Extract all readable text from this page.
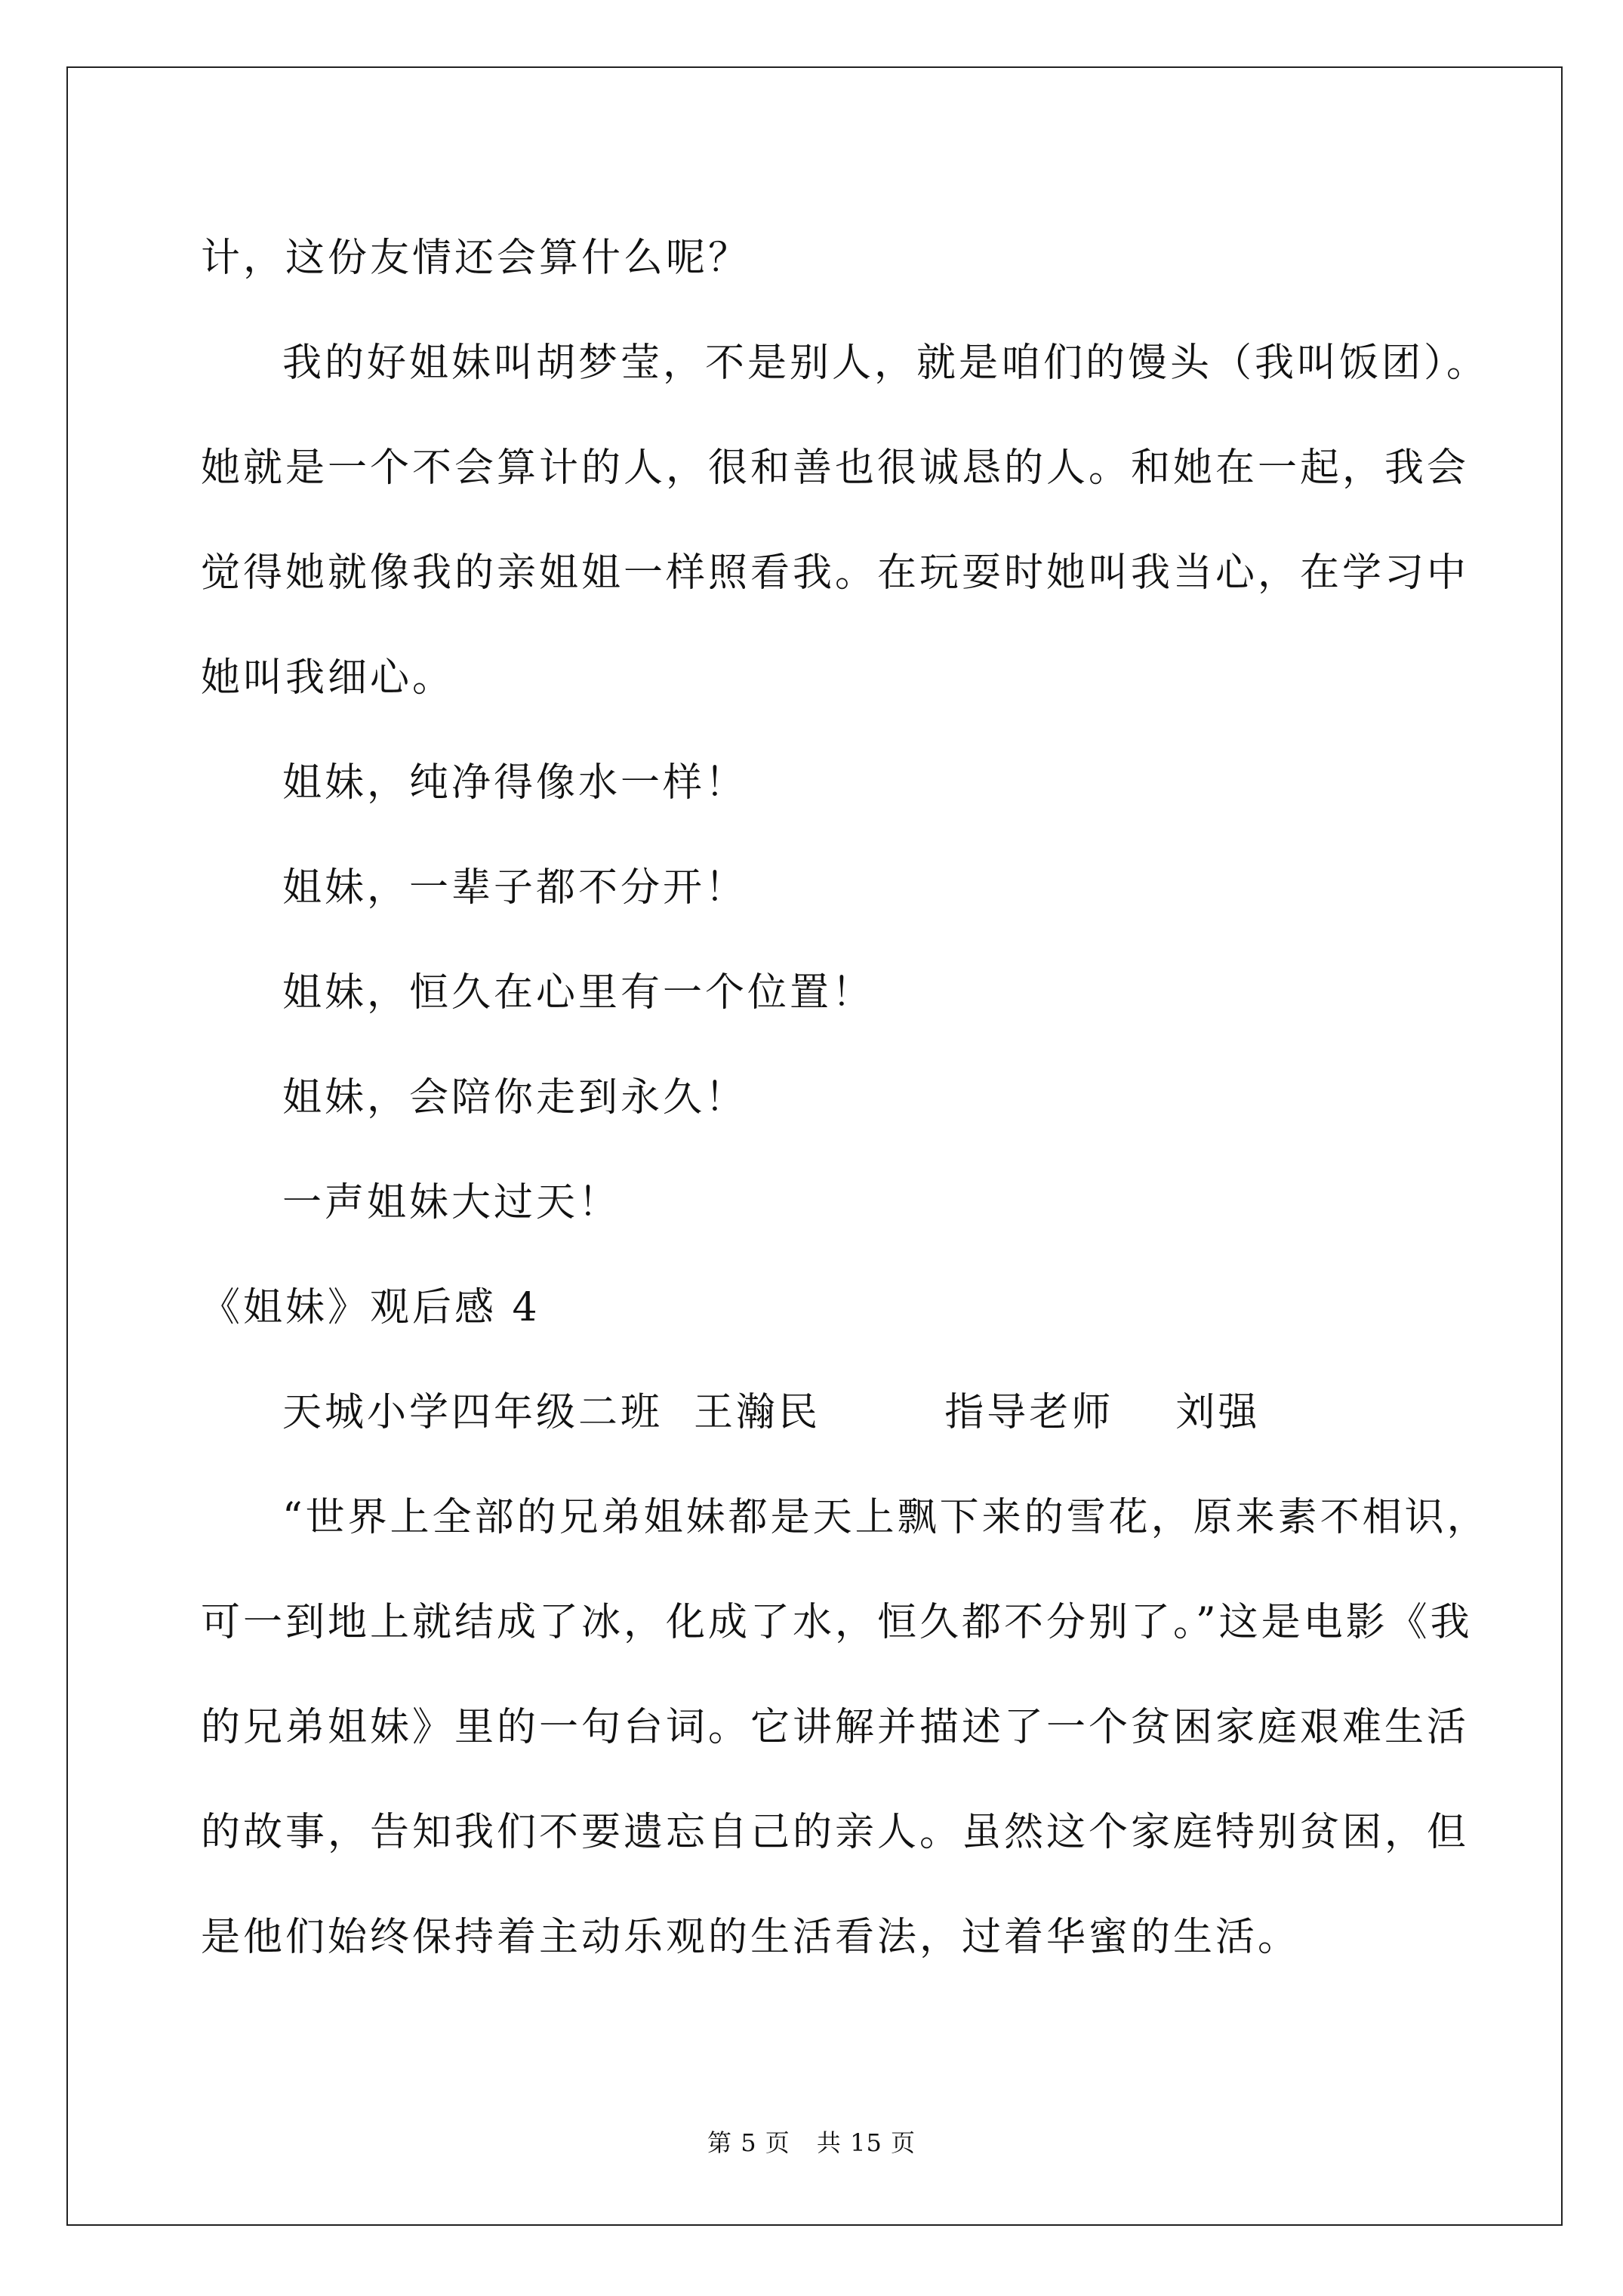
计，这份友情还会算什么呢？
我的好姐妹叫胡梦莹，不是别人，就是咱们的馒头（我叫饭团）。
她就是一个不会算计的人，很和善也很诚恳的人。和她在一起，我会
觉得她就像我的亲姐姐一样照看我。在玩耍时她叫我当心，在学习中
她叫我细心。
姐妹，纯净得像水一样！
姐妹，一辈子都不分开！
姐妹，恒久在心里有一个位置！
姐妹，会陪你走到永久！
一声姐妹大过天！
《姐妹》观后感 4
天城小学四年级二班  王瀚民        指导老师    刘强
“世界上全部的兄弟姐妹都是天上飘下来的雪花，原来素不相识，
可一到地上就结成了冰，化成了水，恒久都不分别了。”这是电影《我
的兄弟姐妹》里的一句台词。它讲解并描述了一个贫困家庭艰难生活
的故事，告知我们不要遗忘自己的亲人。虽然这个家庭特别贫困，但
是他们始终保持着主动乐观的生活看法，过着华蜜的生活。
第 5 页 共 15 页
